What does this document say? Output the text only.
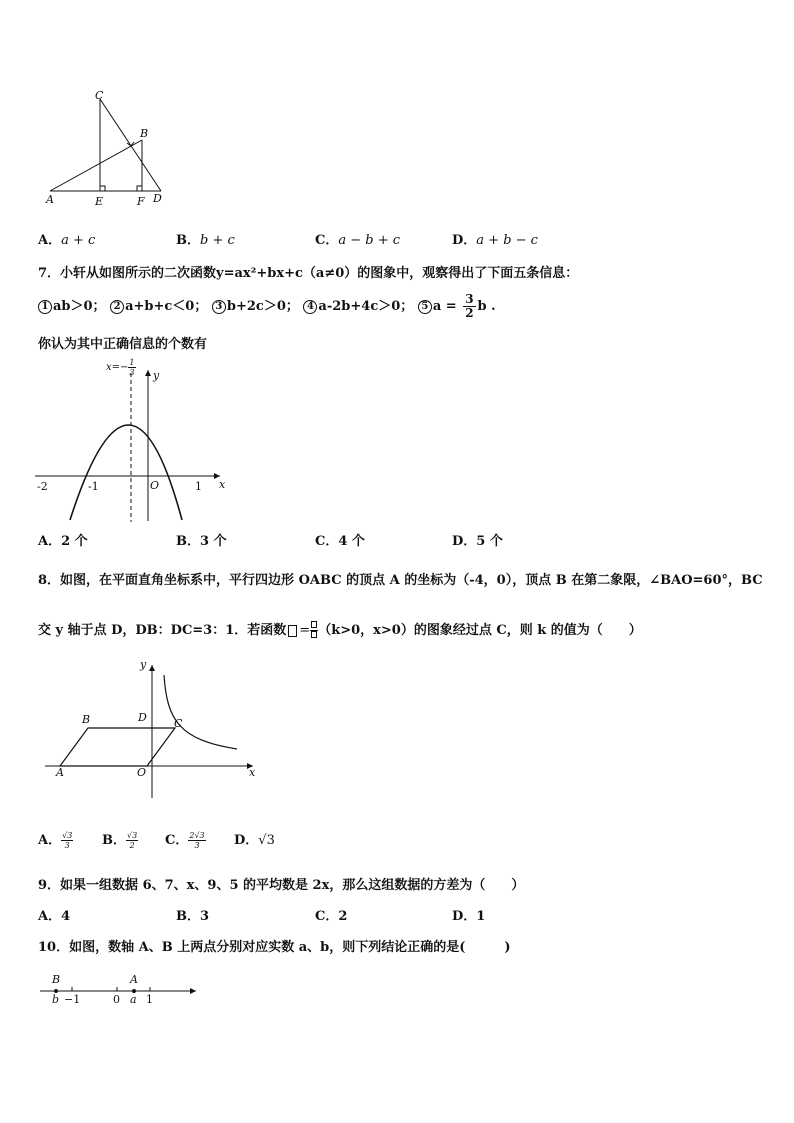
C
B
A	E	F D
A．a + c	B．b + c	C．a − b + c	D．a + b − c
7．小轩从如图所示的二次函数y=ax²+bx+c（a≠0）的图象中，观察得出了下面五条信息：
1 ab＞0； 2 a+b+c＜0； 3 b+2c＞0； 4 a-2b+4c＞0； 5 $a = \frac{3}{2}$ b .
你认为其中正确信息的个数有
$x=- \frac{1}{3}$ y
x
O
-2	-1	1
A．2 个	B．3 个	C．4 个	D．5 个
8．如图，在平面直角坐标系中，平行四边形 OABC 的顶点 A 的坐标为（-4，0），顶点 B 在第二象限，∠BAO=60°，BC
交 y 轴于点 D，DB：DC=3：1．若函数 = （k>0，x>0）的图象经过点 C，则 k 的值为（　　）
y
x
B	D C
A	O
A． $\frac{√3}{3}$ B． $\frac{√3}{2}$ C． $\frac{2√3}{3}$ D．√3
9．如果一组数据 6、7、x、9、5 的平均数是 2x，那么这组数据的方差为（　　）
A．4	B．3	C．2	D．1
10．如图，数轴 A、B 上两点分别对应实数 a、b，则下列结论正确的是(　　　)
B	A
b −1	0 a 1
